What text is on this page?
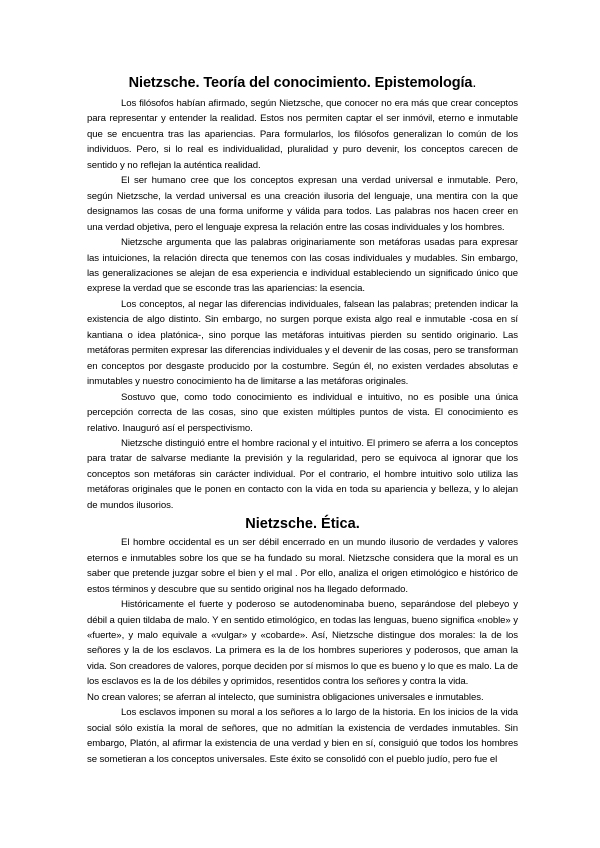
Nietzsche. Teoría del conocimiento. Epistemología.

Los filósofos habían afirmado, según Nietzsche, que conocer no era más que crear conceptos para representar y entender la realidad. Estos nos permiten captar el ser inmóvil, eterno e inmutable que se encuentra tras las apariencias. Para formularlos, los filósofos generalizan lo común de los individuos. Pero, si lo real es individualidad, pluralidad y puro devenir, los conceptos carecen de sentido y no reflejan la auténtica realidad.

El ser humano cree que los conceptos expresan una verdad universal e inmutable. Pero, según Nietzsche, la verdad universal es una creación ilusoria del lenguaje, una mentira con la que designamos las cosas de una forma uniforme y válida para todos. Las palabras nos hacen creer en una verdad objetiva, pero el lenguaje expresa la relación entre las cosas individuales y los hombres.

Nietzsche argumenta que las palabras originariamente son metáforas usadas para expresar las intuiciones, la relación directa que tenemos con las cosas individuales y mudables. Sin embargo, las generalizaciones se alejan de esa experiencia e individual estableciendo un significado único que exprese la verdad que se esconde tras las apariencias: la esencia.

Los conceptos, al negar las diferencias individuales, falsean las palabras; pretenden indicar la existencia de algo distinto. Sin embargo, no surgen porque exista algo real e inmutable -cosa en sí kantiana o idea platónica-, sino porque las metáforas intuitivas pierden su sentido originario. Las metáforas permiten expresar las diferencias individuales y el devenir de las cosas, pero se transforman en conceptos por desgaste producido por la costumbre. Según él, no existen verdades absolutas e inmutables y nuestro conocimiento ha de limitarse a las metáforas originales.

Sostuvo que, como todo conocimiento es individual e intuitivo, no es posible una única percepción correcta de las cosas, sino que existen múltiples puntos de vista. El conocimiento es relativo. Inauguró así el perspectivismo.

Nietzsche distinguió entre el hombre racional y el intuitivo. El primero se aferra a los conceptos para tratar de salvarse mediante la previsión y la regularidad, pero se equivoca al ignorar que los conceptos son metáforas sin carácter individual. Por el contrario, el hombre intuitivo solo utiliza las metáforas originales que le ponen en contacto con la vida en toda su apariencia y belleza, y lo alejan de mundos ilusorios.

Nietzsche. Ética.

El hombre occidental es un ser débil encerrado en un mundo ilusorio de verdades y valores eternos e inmutables sobre los que se ha fundado su moral. Nietzsche considera que la moral es un saber que pretende juzgar sobre el bien y el mal . Por ello, analiza el origen etimológico e histórico de estos términos y descubre que su sentido original nos ha llegado deformado.

Históricamente el fuerte y poderoso se autodenominaba bueno, separándose del plebeyo y débil a quien tildaba de malo. Y en sentido etimológico, en todas las lenguas, bueno significa «noble» y «fuerte», y malo equivale a «vulgar» y «cobarde». Así, Nietzsche distingue dos morales: la de los señores y la de los esclavos. La primera es la de los hombres superiores y poderosos, que aman la vida. Son creadores de valores, porque deciden por sí mismos lo que es bueno y lo que es malo. La de los esclavos es la de los débiles y oprimidos, resentidos contra los señores y contra la vida.

No crean valores; se aferran al intelecto, que suministra obligaciones universales e inmutables.

Los esclavos imponen su moral a los señores a lo largo de la historia. En los inicios de la vida social sólo existía la moral de señores, que no admitían la existencia de verdades inmutables. Sin embargo, Platón, al afirmar la existencia de una verdad y bien en sí, consiguió que todos los hombres se sometieran a los conceptos universales. Este éxito se consolidó con el pueblo judío, pero fue el
